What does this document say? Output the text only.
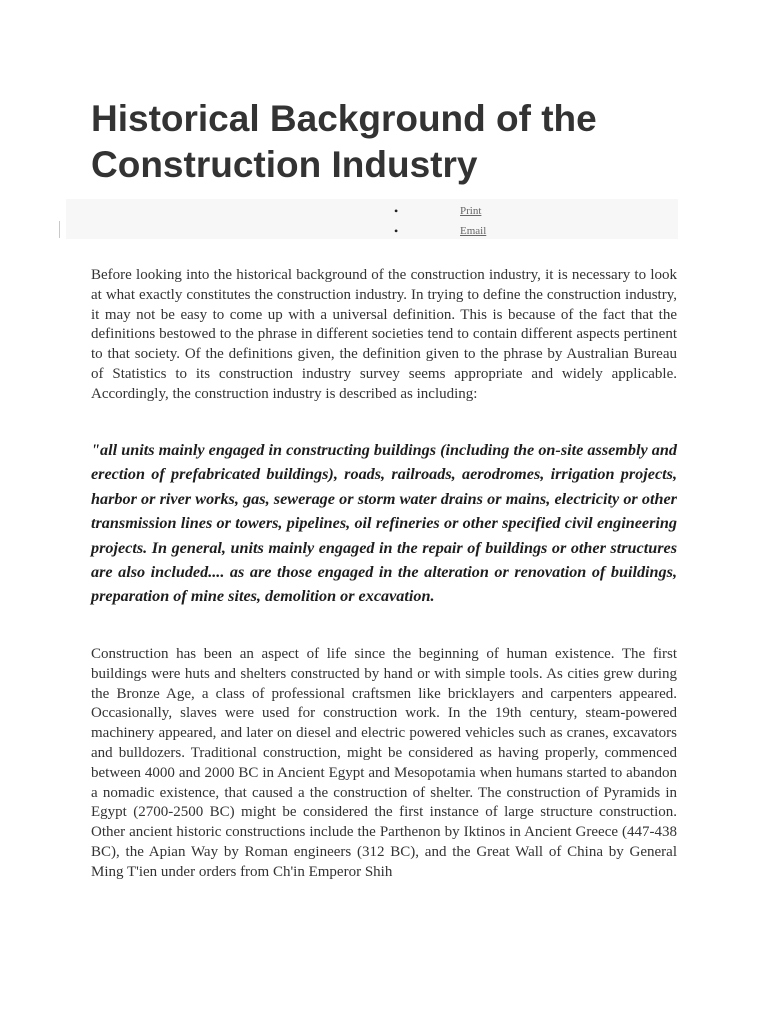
Historical Background of the Construction Industry
•	Print
•	Email

Before looking into the historical background of the construction industry, it is necessary to look at what exactly constitutes the construction industry. In trying to define the construction industry, it may not be easy to come up with a universal definition. This is because of the fact that the definitions bestowed to the phrase in different societies tend to contain different aspects pertinent to that society. Of the definitions given, the definition given to the phrase by Australian Bureau of Statistics to its construction industry survey seems appropriate and widely applicable. Accordingly, the construction industry is described as including:

"all units mainly engaged in constructing buildings (including the on-site assembly and erection of prefabricated buildings), roads, railroads, aerodromes, irrigation projects, harbor or river works, gas, sewerage or storm water drains or mains, electricity or other transmission lines or towers, pipelines, oil refineries or other specified civil engineering projects. In general, units mainly engaged in the repair of buildings or other structures are also included.... as are those engaged in the alteration or renovation of buildings, preparation of mine sites, demolition or excavation.

Construction has been an aspect of life since the beginning of human existence. The first buildings were huts and shelters constructed by hand or with simple tools. As cities grew during the Bronze Age, a class of professional craftsmen like bricklayers and carpenters appeared. Occasionally, slaves were used for construction work. In the 19th century, steam-powered machinery appeared, and later on diesel and electric powered vehicles such as cranes, excavators and bulldozers. Traditional construction, might be considered as having properly, commenced between 4000 and 2000 BC in Ancient Egypt and Mesopotamia when humans started to abandon a nomadic existence, that caused a the construction of shelter. The construction of Pyramids in Egypt (2700-2500 BC) might be considered the first instance of large structure construction. Other ancient historic constructions include the Parthenon by Iktinos in Ancient Greece (447-438 BC), the Apian Way by Roman engineers (312 BC), and the Great Wall of China by General Ming T'ien under orders from Ch'in Emperor Shih
